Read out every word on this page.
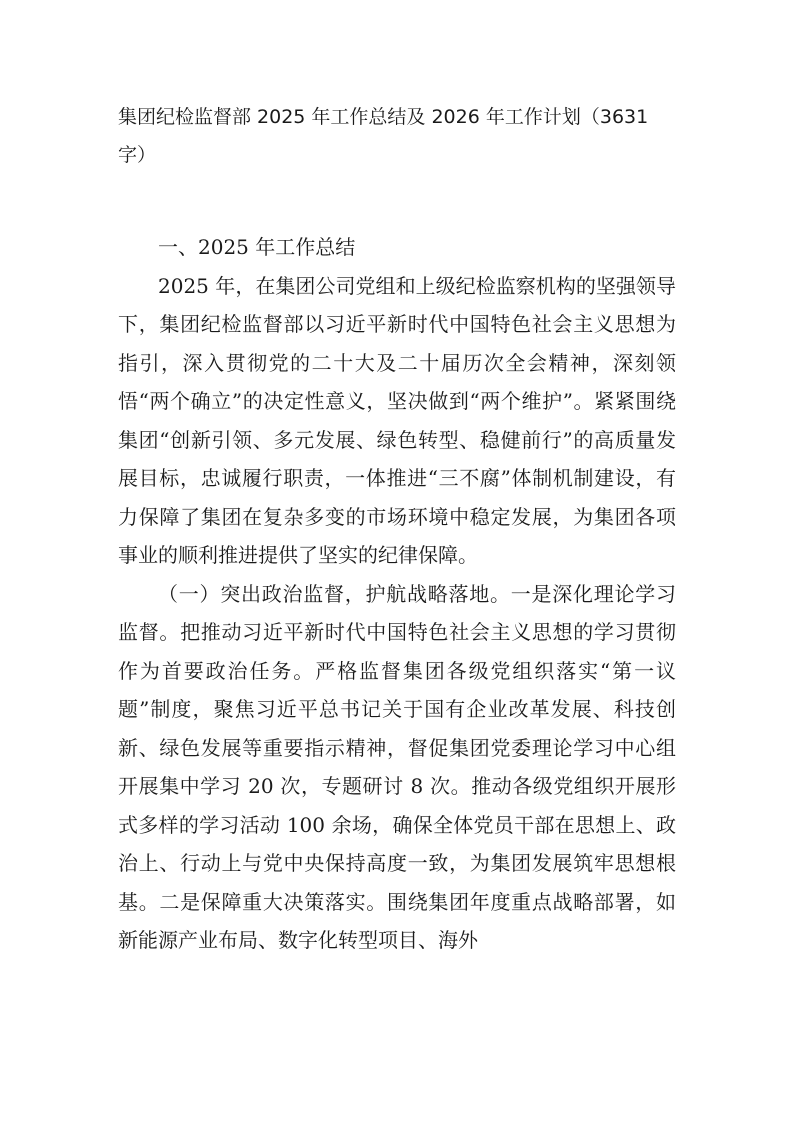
集团纪检监督部 2025 年工作总结及 2026 年工作计划（3631 字）

一、2025 年工作总结

2025 年，在集团公司党组和上级纪检监察机构的坚强领导下，集团纪检监督部以习近平新时代中国特色社会主义思想为指引，深入贯彻党的二十大及二十届历次全会精神，深刻领悟“两个确立”的决定性意义，坚决做到“两个维护”。紧紧围绕集团“创新引领、多元发展、绿色转型、稳健前行”的高质量发展目标，忠诚履行职责，一体推进“三不腐”体制机制建设，有力保障了集团在复杂多变的市场环境中稳定发展，为集团各项事业的顺利推进提供了坚实的纪律保障。

（一）突出政治监督，护航战略落地。一是深化理论学习监督。把推动习近平新时代中国特色社会主义思想的学习贯彻作为首要政治任务。严格监督集团各级党组织落实“第一议题”制度，聚焦习近平总书记关于国有企业改革发展、科技创新、绿色发展等重要指示精神，督促集团党委理论学习中心组开展集中学习 20 次，专题研讨 8 次。推动各级党组织开展形式多样的学习活动 100 余场，确保全体党员干部在思想上、政治上、行动上与党中央保持高度一致，为集团发展筑牢思想根基。二是保障重大决策落实。围绕集团年度重点战略部署，如新能源产业布局、数字化转型项目、海外
